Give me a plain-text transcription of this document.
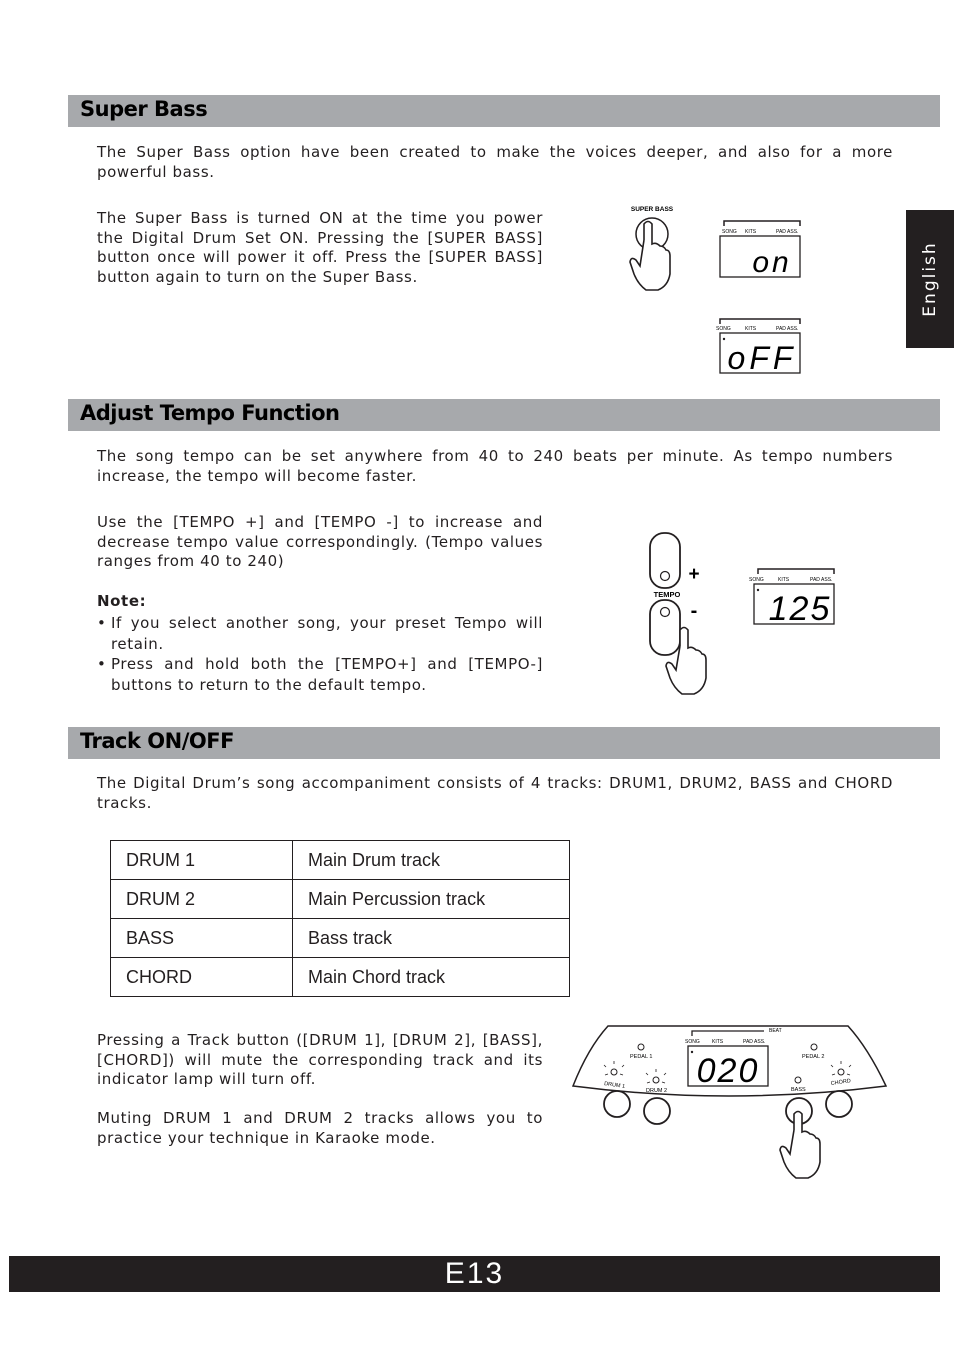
Super Bass

The Super Bass option have been created to make the voices deeper, and also for a more powerful bass.

The Super Bass is turned ON at the time you power the Digital Drum Set ON. Pressing the [SUPER BASS] button once will power it off. Press the [SUPER BASS] button again to turn on the Super Bass.

SUPER BASS
SONG KITS	PAD ASS.
on
SONG	KITS	PAD ASS.
oFF
English
Adjust Tempo Function

The song tempo can be set anywhere from 40 to 240 beats per minute. As tempo numbers increase, the tempo will become faster.

Use the [TEMPO +] and [TEMPO -] to increase and decrease tempo value correspondingly. (Tempo values ranges from 40 to 240)

Note:
• If you select another song, your preset Tempo will retain.
• Press and hold both the [TEMPO+] and [TEMPO-] buttons to return to the default tempo.
+
TEMPO
-
SONG	KITS	PAD ASS.
125
Track ON/OFF

The Digital Drum’s song accompaniment consists of 4 tracks: DRUM1, DRUM2, BASS and CHORD tracks.

DRUM 1	Main Drum track
DRUM 2	Main Percussion track
BASS	Bass track
CHORD	Main Chord track

Pressing a Track button ([DRUM 1], [DRUM 2], [BASS], [CHORD]) will mute the corresponding track and its indicator lamp will turn off.

Muting DRUM 1 and DRUM 2 tracks allows you to practice your technique in Karaoke mode.

BEAT
SONG KITS	PAD ASS.
020
PEDAL 1	PEDAL 2
DRUM 1
DRUM 2	BASS
CHORD
E13
